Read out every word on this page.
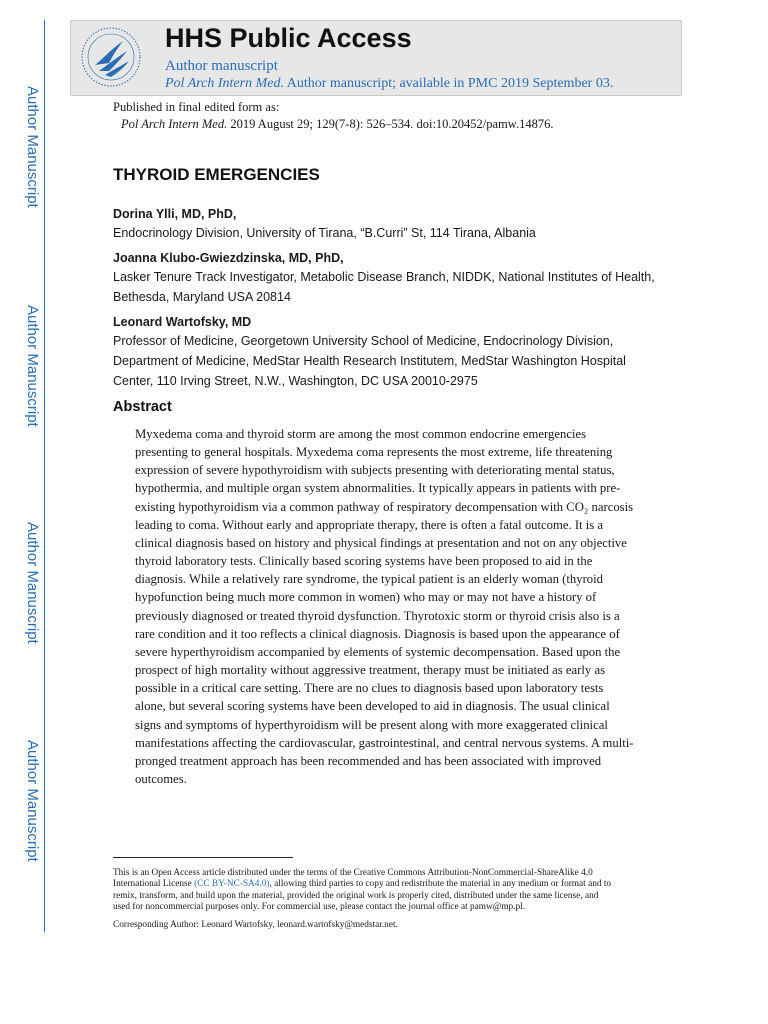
Author Manuscript
Author Manuscript
Author Manuscript
Author Manuscript
HHS Public Access
Author manuscript
Pol Arch Intern Med. Author manuscript; available in PMC 2019 September 03.
Published in final edited form as:
Pol Arch Intern Med. 2019 August 29; 129(7-8): 526–534. doi:10.20452/pamw.14876.
THYROID EMERGENCIES
Dorina Ylli, MD, PhD,
Endocrinology Division, University of Tirana, “B.Curri” St, 114 Tirana, Albania
Joanna Klubo-Gwiezdzinska, MD, PhD,
Lasker Tenure Track Investigator, Metabolic Disease Branch, NIDDK, National Institutes of Health,
Bethesda, Maryland USA 20814
Leonard Wartofsky, MD
Professor of Medicine, Georgetown University School of Medicine, Endocrinology Division,
Department of Medicine, MedStar Health Research Institutem, MedStar Washington Hospital
Center, 110 Irving Street, N.W., Washington, DC USA 20010-2975
Abstract
Myxedema coma and thyroid storm are among the most common endocrine emergencies
presenting to general hospitals. Myxedema coma represents the most extreme, life threatening
expression of severe hypothyroidism with subjects presenting with deteriorating mental status,
hypothermia, and multiple organ system abnormalities. It typically appears in patients with pre-
existing hypothyroidism via a common pathway of respiratory decompensation with CO₂ narcosis
leading to coma. Without early and appropriate therapy, there is often a fatal outcome. It is a
clinical diagnosis based on history and physical findings at presentation and not on any objective
thyroid laboratory tests. Clinically based scoring systems have been proposed to aid in the
diagnosis. While a relatively rare syndrome, the typical patient is an elderly woman (thyroid
hypofunction being much more common in women) who may or may not have a history of
previously diagnosed or treated thyroid dysfunction. Thyrotoxic storm or thyroid crisis also is a
rare condition and it too reflects a clinical diagnosis. Diagnosis is based upon the appearance of
severe hyperthyroidism accompanied by elements of systemic decompensation. Based upon the
prospect of high mortality without aggressive treatment, therapy must be initiated as early as
possible in a critical care setting. There are no clues to diagnosis based upon laboratory tests
alone, but several scoring systems have been developed to aid in diagnosis. The usual clinical
signs and symptoms of hyperthyroidism will be present along with more exaggerated clinical
manifestations affecting the cardiovascular, gastrointestinal, and central nervous systems. A multi-
pronged treatment approach has been recommended and has been associated with improved
outcomes.
This is an Open Access article distributed under the terms of the Creative Commons Attribution-NonCommercial-ShareAlike 4.0
International License (CC BY-NC-SA4.0), allowing third parties to copy and redistribute the material in any medium or format and to
remix, transform, and build upon the material, provided the original work is properly cited, distributed under the same license, and
used for noncommercial purposes only. For commercial use, please contact the journal office at pamw@mp.pl.
Corresponding Author: Leonard Wartofsky, leonard.wartofsky@medstar.net.
